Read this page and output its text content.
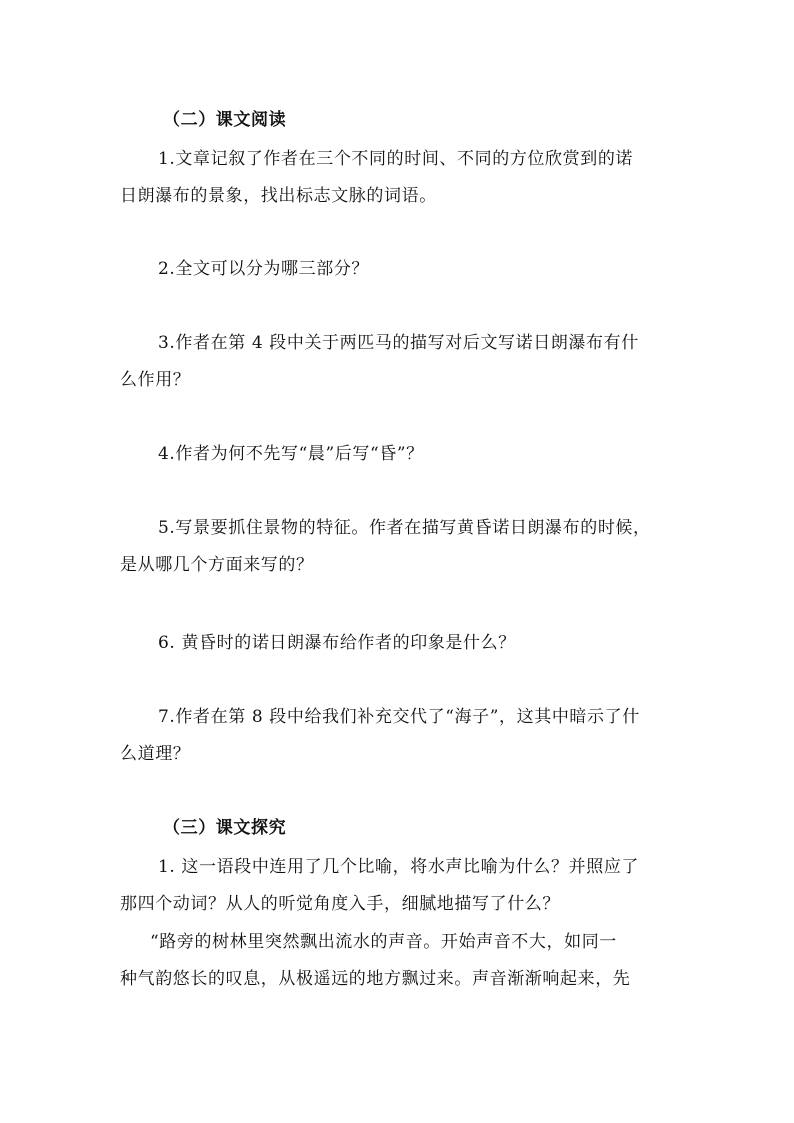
（二）课文阅读
1.文章记叙了作者在三个不同的时间、不同的方位欣赏到的诺
日朗瀑布的景象，找出标志文脉的词语。
2.全文可以分为哪三部分？
3.作者在第 4 段中关于两匹马的描写对后文写诺日朗瀑布有什
么作用？
4.作者为何不先写“晨”后写“昏”？
5.写景要抓住景物的特征。作者在描写黄昏诺日朗瀑布的时候，
是从哪几个方面来写的？
6. 黄昏时的诺日朗瀑布给作者的印象是什么？
7.作者在第 8 段中给我们补充交代了“海子”，这其中暗示了什
么道理？
（三）课文探究
1. 这一语段中连用了几个比喻，将水声比喻为什么？并照应了
那四个动词？从人的听觉角度入手，细腻地描写了什么？
“路旁的树林里突然飘出流水的声音。开始声音不大，如同一
种气韵悠长的叹息，从极遥远的地方飘过来。声音渐渐响起来，先
